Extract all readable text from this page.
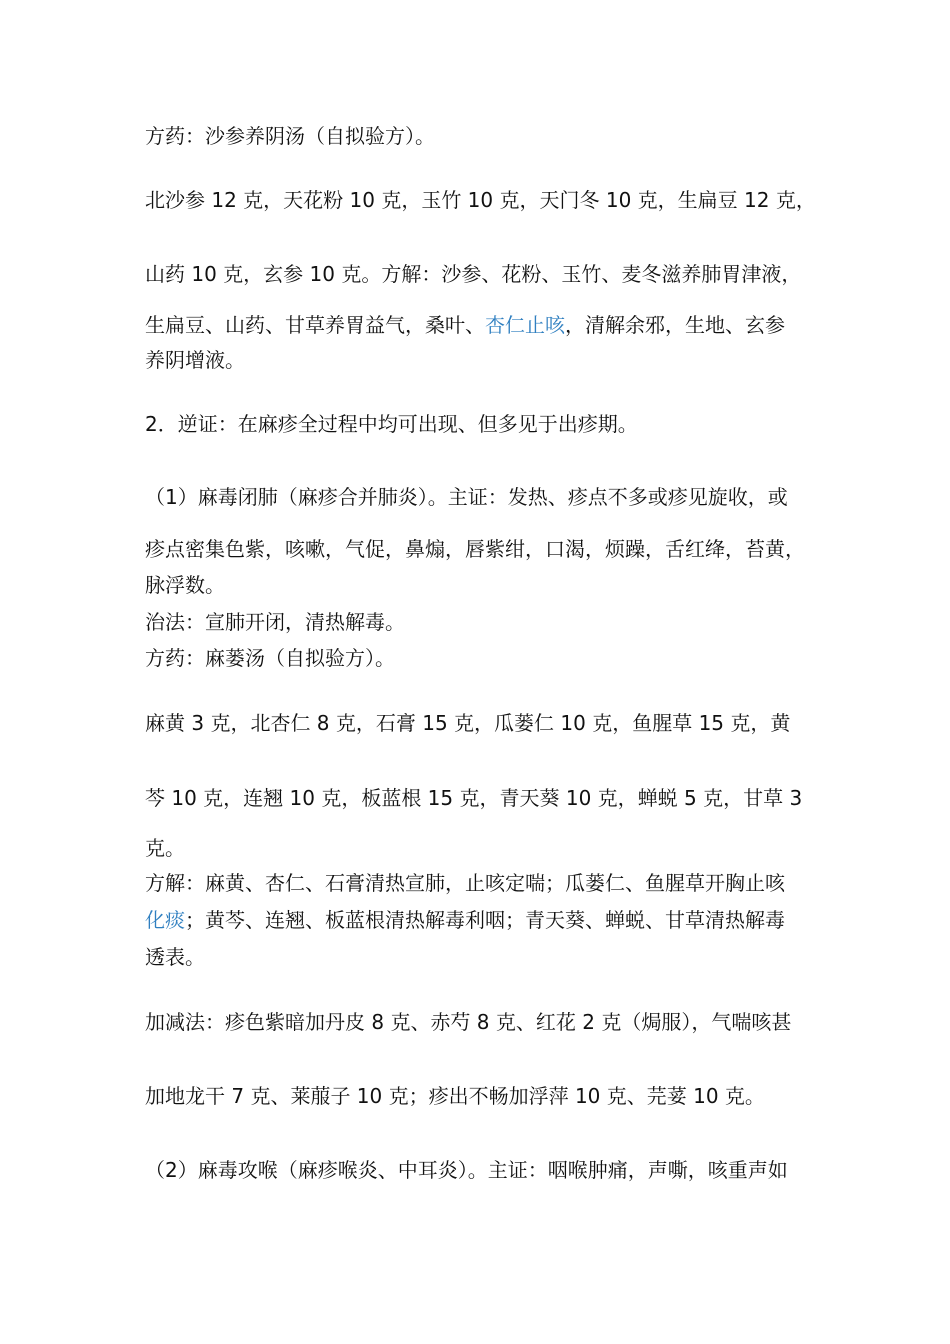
方药：沙参养阴汤（自拟验方）。

北沙参 12 克，天花粉 10 克，玉竹 10 克，天门冬 10 克，生扁豆 12 克，

山药 10 克，玄参 10 克。方解：沙参、花粉、玉竹、麦冬滋养肺胃津液，

生扁豆、山药、甘草养胃益气，桑叶、杏仁止咳，清解余邪，生地、玄参

养阴增液。

2．逆证：在麻疹全过程中均可出现、但多见于出疹期。

（1）麻毒闭肺（麻疹合并肺炎）。主证：发热、疹点不多或疹见旋收，或

疹点密集色紫，咳嗽，气促，鼻煽，唇紫绀，口渴，烦躁，舌红绛，苔黄，

脉浮数。

治法：宣肺开闭，清热解毒。

方药：麻蒌汤（自拟验方）。

麻黄 3 克，北杏仁 8 克，石膏 15 克，瓜蒌仁 10 克，鱼腥草 15 克，黄

芩 10 克，连翘 10 克，板蓝根 15 克，青天葵 10 克，蝉蜕 5 克，甘草 3

克。

方解：麻黄、杏仁、石膏清热宣肺，止咳定喘；瓜蒌仁、鱼腥草开胸止咳

化痰；黄芩、连翘、板蓝根清热解毒利咽；青天葵、蝉蜕、甘草清热解毒

透表。

加减法：疹色紫暗加丹皮 8 克、赤芍 8 克、红花 2 克（焗服），气喘咳甚

加地龙干 7 克、莱菔子 10 克；疹出不畅加浮萍 10 克、芫荽 10 克。

（2）麻毒攻喉（麻疹喉炎、中耳炎）。主证：咽喉肿痛，声嘶，咳重声如
